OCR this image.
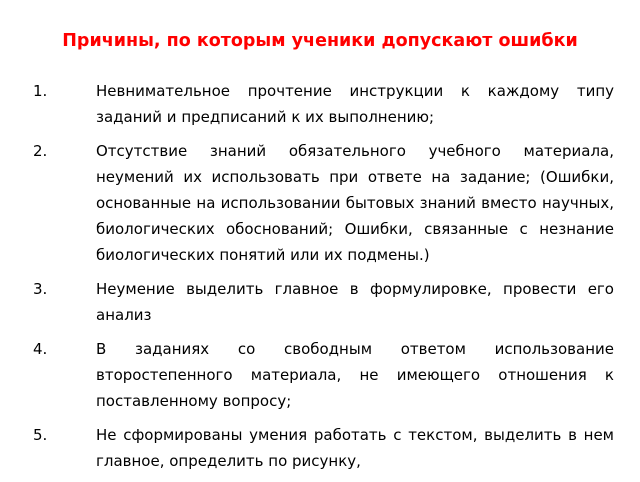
Причины, по которым ученики допускают ошибки
1.	Невнимательное прочтение инструкции к каждому типу заданий и предписаний к их выполнению;
2.	Отсутствие знаний обязательного учебного материала, неумений их использовать при ответе на задание; (Ошибки, основанные на использовании бытовых знаний вместо научных, биологических обоснований; Ошибки, связанные с незнание биологических понятий или их подмены.)
3.	Неумение выделить главное в формулировке, провести его анализ
4.	В заданиях со свободным ответом использование второстепенного материала, не имеющего отношения к поставленному вопросу;
5.	Не сформированы умения работать с текстом, выделить в нем главное, определить по рисунку,
